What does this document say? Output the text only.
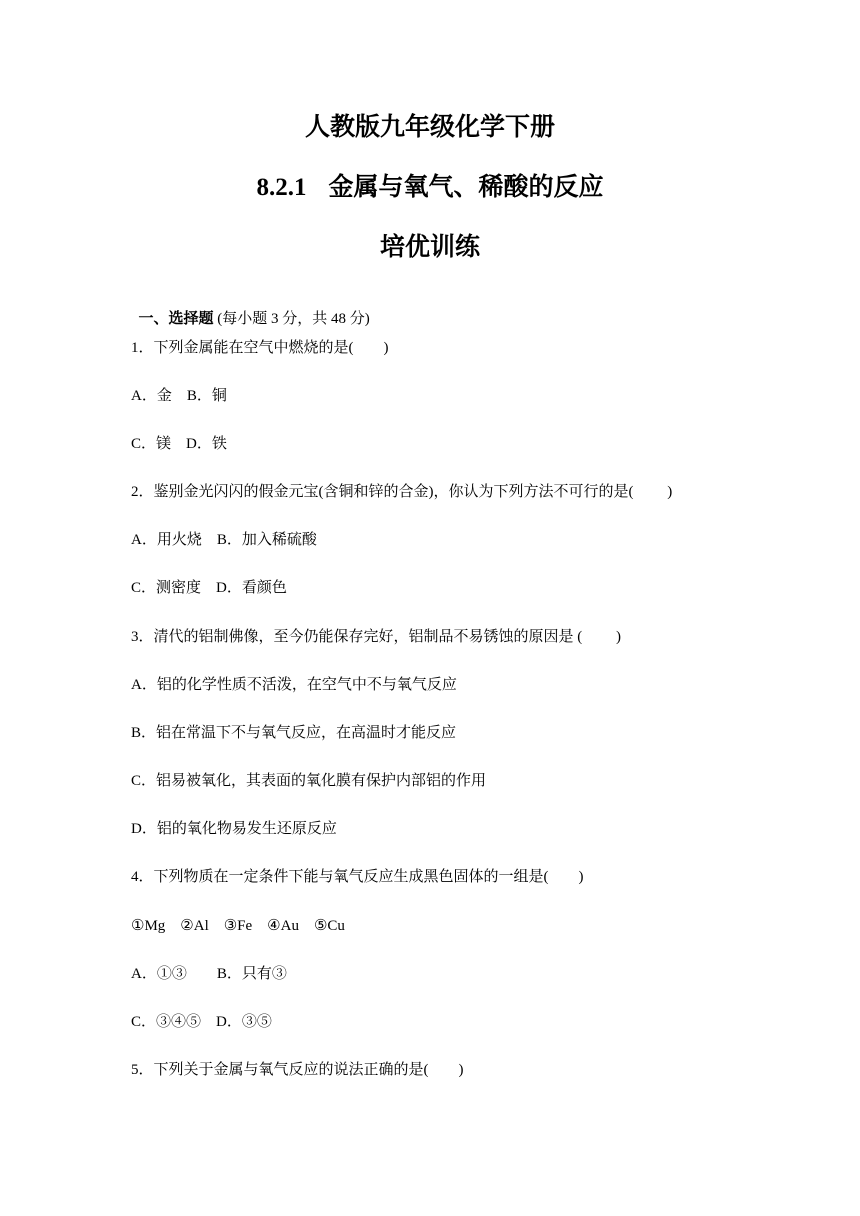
人教版九年级化学下册
8.2.1 金属与氧气、稀酸的反应
培优训练

一、选择题 (每小题 3 分，共 48 分)

1．下列金属能在空气中燃烧的是(　　)
A．金　B．铜
C．镁　D．铁
2．鉴别金光闪闪的假金元宝(含铜和锌的合金)，你认为下列方法不可行的是(　　 )
A．用火烧　B．加入稀硫酸
C．测密度　D．看颜色
3．清代的铝制佛像，至今仍能保存完好，铝制品不易锈蚀的原因是 (　　 )
A．铝的化学性质不活泼，在空气中不与氧气反应
B．铝在常温下不与氧气反应，在高温时才能反应
C．铝易被氧化，其表面的氧化膜有保护内部铝的作用
D．铝的氧化物易发生还原反应
4．下列物质在一定条件下能与氧气反应生成黑色固体的一组是(　　)
①Mg　②Al　③Fe　④Au　⑤Cu
A．①③　　B．只有③
C．③④⑤　D．③⑤
5．下列关于金属与氧气反应的说法正确的是(　　)
